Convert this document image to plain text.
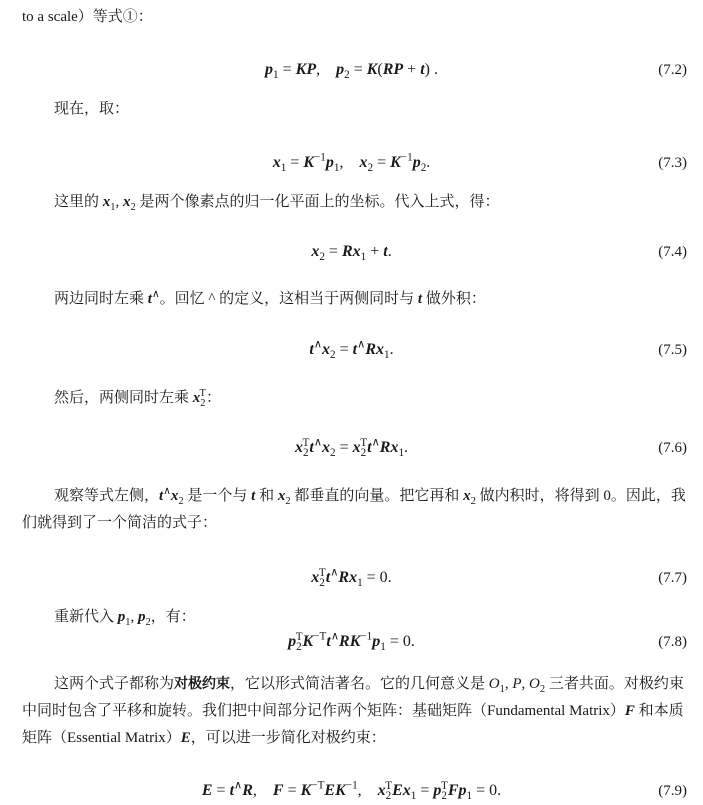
to a scale）等式①：
$p_1$ = KP,    $p_2 = K(RP + t)$ .	(7.2)
现在，取：
$x_1 = K^{-1}p_1$,    $x_2 = K^{-1}p_2$.	(7.3)
这里的 $x_1$, $x_2$ 是两个像素点的归一化平面上的坐标。代入上式，得：
$x_2 = Rx_1 + t$.	(7.4)
两边同时左乘 t∧。回忆 ^ 的定义，这相当于两侧同时与 t 做外积：
$t^\wedge x_2 = t^\wedge Rx_1$.	(7.5)
然后，两侧同时左乘 $x_2^T$：
$x_2^Tt^\wedge x_2 = x_2^Tt^\wedge Rx_1$.	(7.6)
观察等式左侧，$t^\wedge x_2$ 是一个与 t 和 $x_2$ 都垂直的向量。把它再和 $x_2$ 做内积时，将得到 0。因此，我们就得到了一个简洁的式子：
$x_2^Tt^\wedge Rx_1 = 0$.	(7.7)
重新代入 $p_1$, $p_2$，有：
$p_2^TK^{-T}t^\wedge RK^{-1}p_1 = 0$.	(7.8)
这两个式子都称为对极约束，它以形式简洁著名。它的几何意义是 $O_1$, P, $O_2$ 三者共面。对极约束中同时包含了平移和旋转。我们把中间部分记作两个矩阵：基础矩阵（Fundamental Matrix）F 和本质矩阵（Essential Matrix）E，可以进一步简化对极约束：
E = t∧R,    $F = K^{-T}EK^{-1}$,    $x_2^TEx_1 = p_2^TFp_1 = 0$.	(7.9)
